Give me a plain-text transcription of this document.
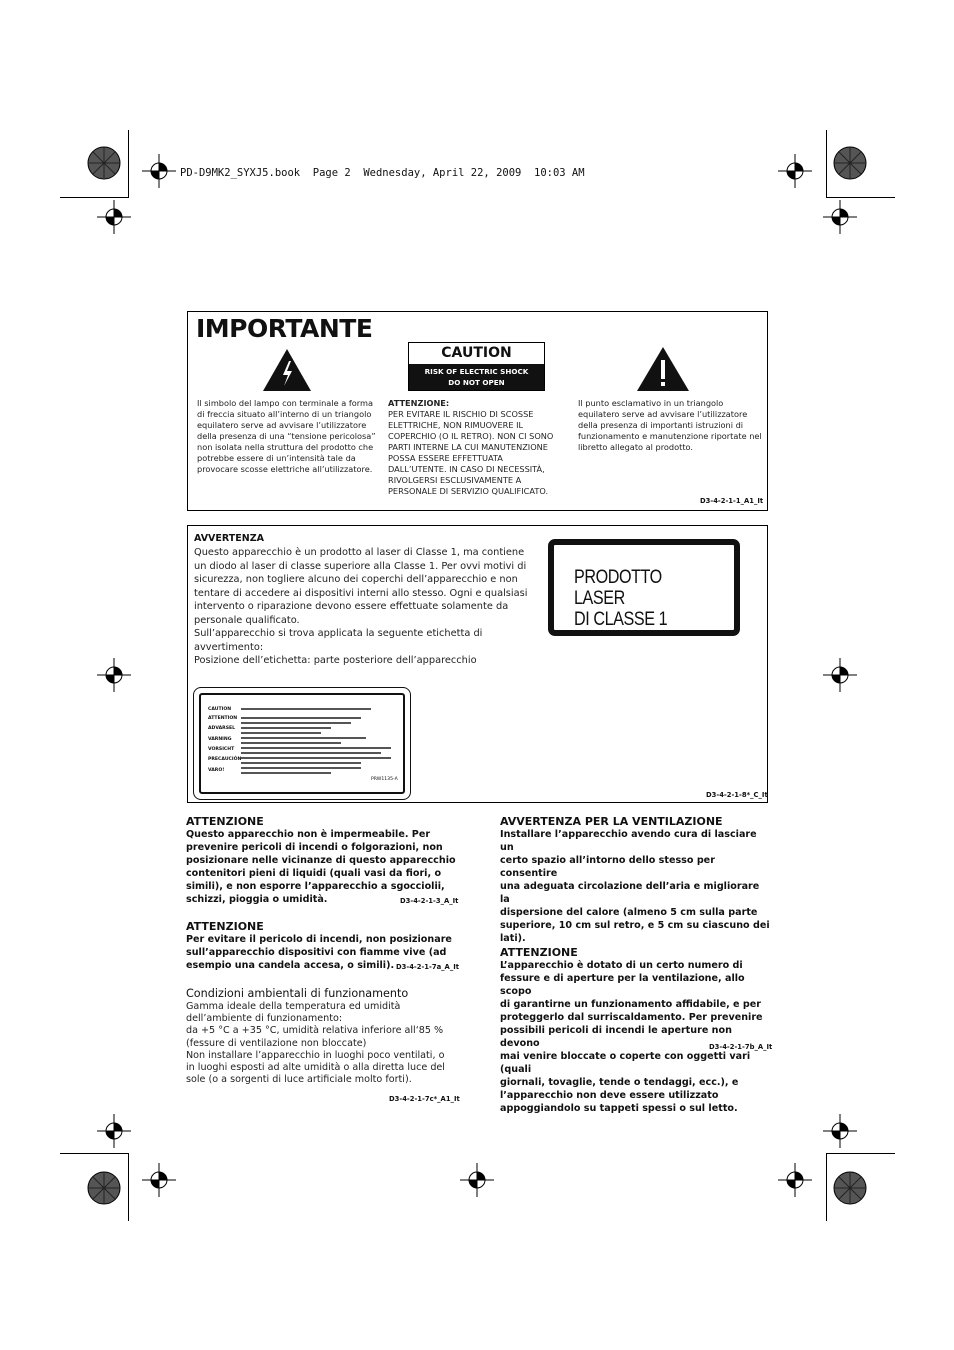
PD-D9MK2_SYXJ5.book  Page 2  Wednesday, April 22, 2009  10:03 AM
IMPORTANTE
CAUTION
RISK OF ELECTRIC SHOCK
DO NOT OPEN
Il simbolo del lampo con terminale a forma
di freccia situato all’interno di un triangolo
equilatero serve ad avvisare l’utilizzatore
della presenza di una “tensione pericolosa”
non isolata nella struttura del prodotto che
potrebbe essere di un’intensità tale da
provocare scosse elettriche all’utilizzatore.
ATTENZIONE:
PER EVITARE IL RISCHIO DI SCOSSE
ELETTRICHE, NON RIMUOVERE IL
COPERCHIO (O IL RETRO). NON CI SONO
PARTI INTERNE LA CUI MANUTENZIONE
POSSA ESSERE EFFETTUATA
DALL’UTENTE. IN CASO DI NECESSITÀ,
RIVOLGERSI ESCLUSIVAMENTE A
PERSONALE DI SERVIZIO QUALIFICATO.
Il punto esclamativo in un triangolo
equilatero serve ad avvisare l’utilizzatore
della presenza di importanti istruzioni di
funzionamento e manutenzione riportate nel
libretto allegato al prodotto.
D3-4-2-1-1_A1_It
AVVERTENZA
Questo apparecchio è un prodotto al laser di Classe 1, ma contiene
un diodo al laser di classe superiore alla Classe 1. Per ovvi motivi di
sicurezza, non togliere alcuno dei coperchi dell’apparecchio e non
tentare di accedere ai dispositivi interni allo stesso. Ogni e qualsiasi
intervento o riparazione devono essere effettuate solamente da
personale qualificato.
Sull’apparecchio si trova applicata la seguente etichetta di
avvertimento:
Posizione dell’etichetta: parte posteriore dell’apparecchio
PRODOTTO LASER
DI CLASSE 1
CAUTION
ATTENTION
ADVARSEL
VARNING
VORSICHT
PRECAUCIÓN
VARO!
PRW1135-A
D3-4-2-1-8*_C_It
ATTENZIONE
Questo apparecchio non è impermeabile. Per
prevenire pericoli di incendi o folgorazioni, non
posizionare nelle vicinanze di questo apparecchio
contenitori pieni di liquidi (quali vasi da fiori, o
simili), e non esporre l’apparecchio a sgocciolii,
schizzi, pioggia o umidità.	D3-4-2-1-3_A_It
ATTENZIONE
Per evitare il pericolo di incendi, non posizionare
sull’apparecchio dispositivi con fiamme vive (ad
esempio una candela accesa, o simili). D3-4-2-1-7a_A_It
Condizioni ambientali di funzionamento
Gamma ideale della temperatura ed umidità
dell’ambiente di funzionamento:
da +5 °C a +35 °C, umidità relativa inferiore all‘85 %
(fessure di ventilazione non bloccate)
Non installare l’apparecchio in luoghi poco ventilati, o
in luoghi esposti ad alte umidità o alla diretta luce del
sole (o a sorgenti di luce artificiale molto forti).
D3-4-2-1-7c*_A1_It
AVVERTENZA PER LA VENTILAZIONE
Installare l’apparecchio avendo cura di lasciare un
certo spazio all’intorno dello stesso per consentire
una adeguata circolazione dell’aria e migliorare la
dispersione del calore (almeno 5 cm sulla parte
superiore, 10 cm sul retro, e 5 cm su ciascuno dei
lati).
ATTENZIONE
L’apparecchio è dotato di un certo numero di
fessure e di aperture per la ventilazione, allo scopo
di garantirne un funzionamento affidabile, e per
proteggerlo dal surriscaldamento. Per prevenire
possibili pericoli di incendi le aperture non devono
mai venire bloccate o coperte con oggetti vari (quali
giornali, tovaglie, tende o tendaggi, ecc.), e
l’apparecchio non deve essere utilizzato
appoggiandolo su tappeti spessi o sul letto.
D3-4-2-1-7b_A_It
